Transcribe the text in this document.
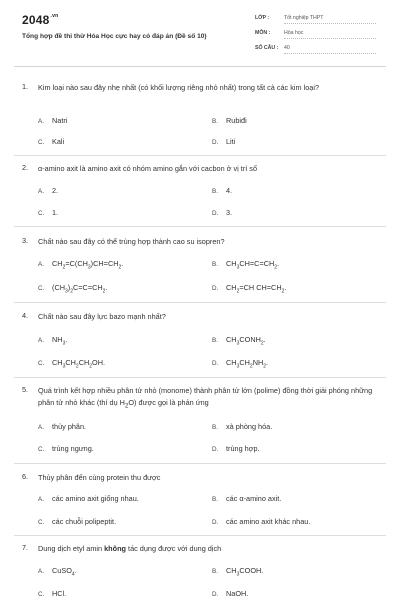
$2048^{.vn}$
Tổng hợp đề thi thử Hóa Học cực hay có đáp án (Đề số 10)
LỚP :	Tốt nghiệp THPT
MÔN :	Hóa học
SỐ CÂU : 40
1. Kim loại nào sau đây nhẹ nhất (có khối lượng riêng nhỏ nhất) trong tất cả các kim loại?
A. Natri	B. Rubiđi
C. Kali	D. Liti
2. α-amino axit là amino axit có nhóm amino gắn với cacbon ở vị trí số
A. 2.	B. 4.
C. 1.	D. 3.
3. Chất nào sau đây có thể trùng hợp thành cao su isopren?
A. $CH_2=C(CH_3)CH=CH_2$.	B. $CH_3CH=C=CH_2$.
C. $(CH_3)_2C=C=CH_2$.	D. $CH_2=CH$ $CH=CH_2$.
4. Chất nào sau đây lực bazo mạnh nhất?
A. $NH_3$.	B. $CH_3CONH_2$.
C. $CH_3CH_2CH_2OH$.	D. $CH_3CH_2NH_2$.
5. Quá trình kết hợp nhiều phân tử nhỏ (monome) thành phân tử lớn (polime) đồng thời giải phóng những phân tử nhỏ khác (thí dụ $H_2O$) được gọi là phản ứng
A. thủy phân.	B. xà phòng hóa.
C. trùng ngưng.	D. trùng hợp.
6. Thủy phân đến cùng protein thu được
A. các amino axit giống nhau.	B. các α-amino axit.
C. các chuỗi polipeptit.	D. các amino axit khác nhau.
7. Dung dịch etyl amin không tác dụng được với dung dịch
A. CuSO$_4$.	B. $CH_3COOH$.
C. HCl.	D. NaOH.
